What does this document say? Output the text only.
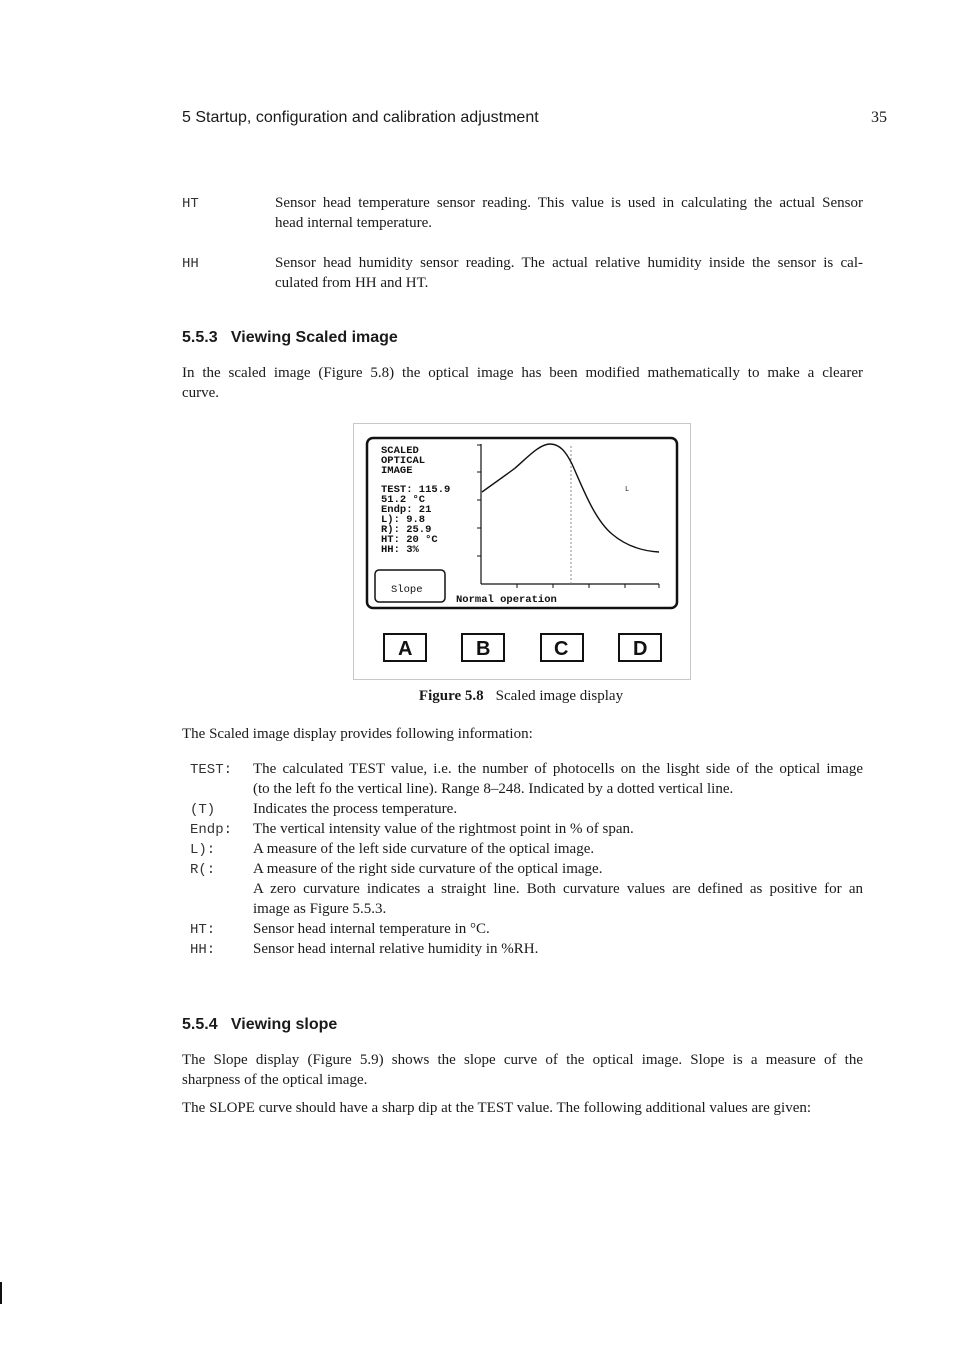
5 Startup, configuration and calibration adjustment	35
HT	Sensor head temperature sensor reading. This value is used in calculating the actual Sensor
head internal temperature.
HH	Sensor head humidity sensor reading. The actual relative humidity inside the sensor is cal-
culated from HH and HT.
5.5.3   Viewing Scaled image
In the scaled image (Figure 5.8) the optical image has been modified mathematically to make a clearer
curve.
SCALED
OPTICAL
IMAGE
TEST: 115.9
51.2 °C
Endp: 21
L): 9.8
R): 25.9
HT: 20 °C
HH: 3%
Slope
L
Normal operation
A	B	C	D
Figure 5.8 Scaled image display
The Scaled image display provides following information:
TEST:	The calculated TEST value, i.e. the number of photocells on the lisght side of the optical image
(to the left fo the vertical line). Range 8–248. Indicated by a dotted vertical line.
(T)	Indicates the process temperature.
Endp:	The vertical intensity value of the rightmost point in % of span.
L):	A measure of the left side curvature of the optical image.
R(:	A measure of the right side curvature of the optical image.
A zero curvature indicates a straight line. Both curvature values are defined as positive for an
image as Figure 5.5.3.
HT:	Sensor head internal temperature in °C.
HH:	Sensor head internal relative humidity in %RH.
5.5.4   Viewing slope
The Slope display (Figure 5.9) shows the slope curve of the optical image. Slope is a measure of the
sharpness of the optical image.
The SLOPE curve should have a sharp dip at the TEST value. The following additional values are given:
